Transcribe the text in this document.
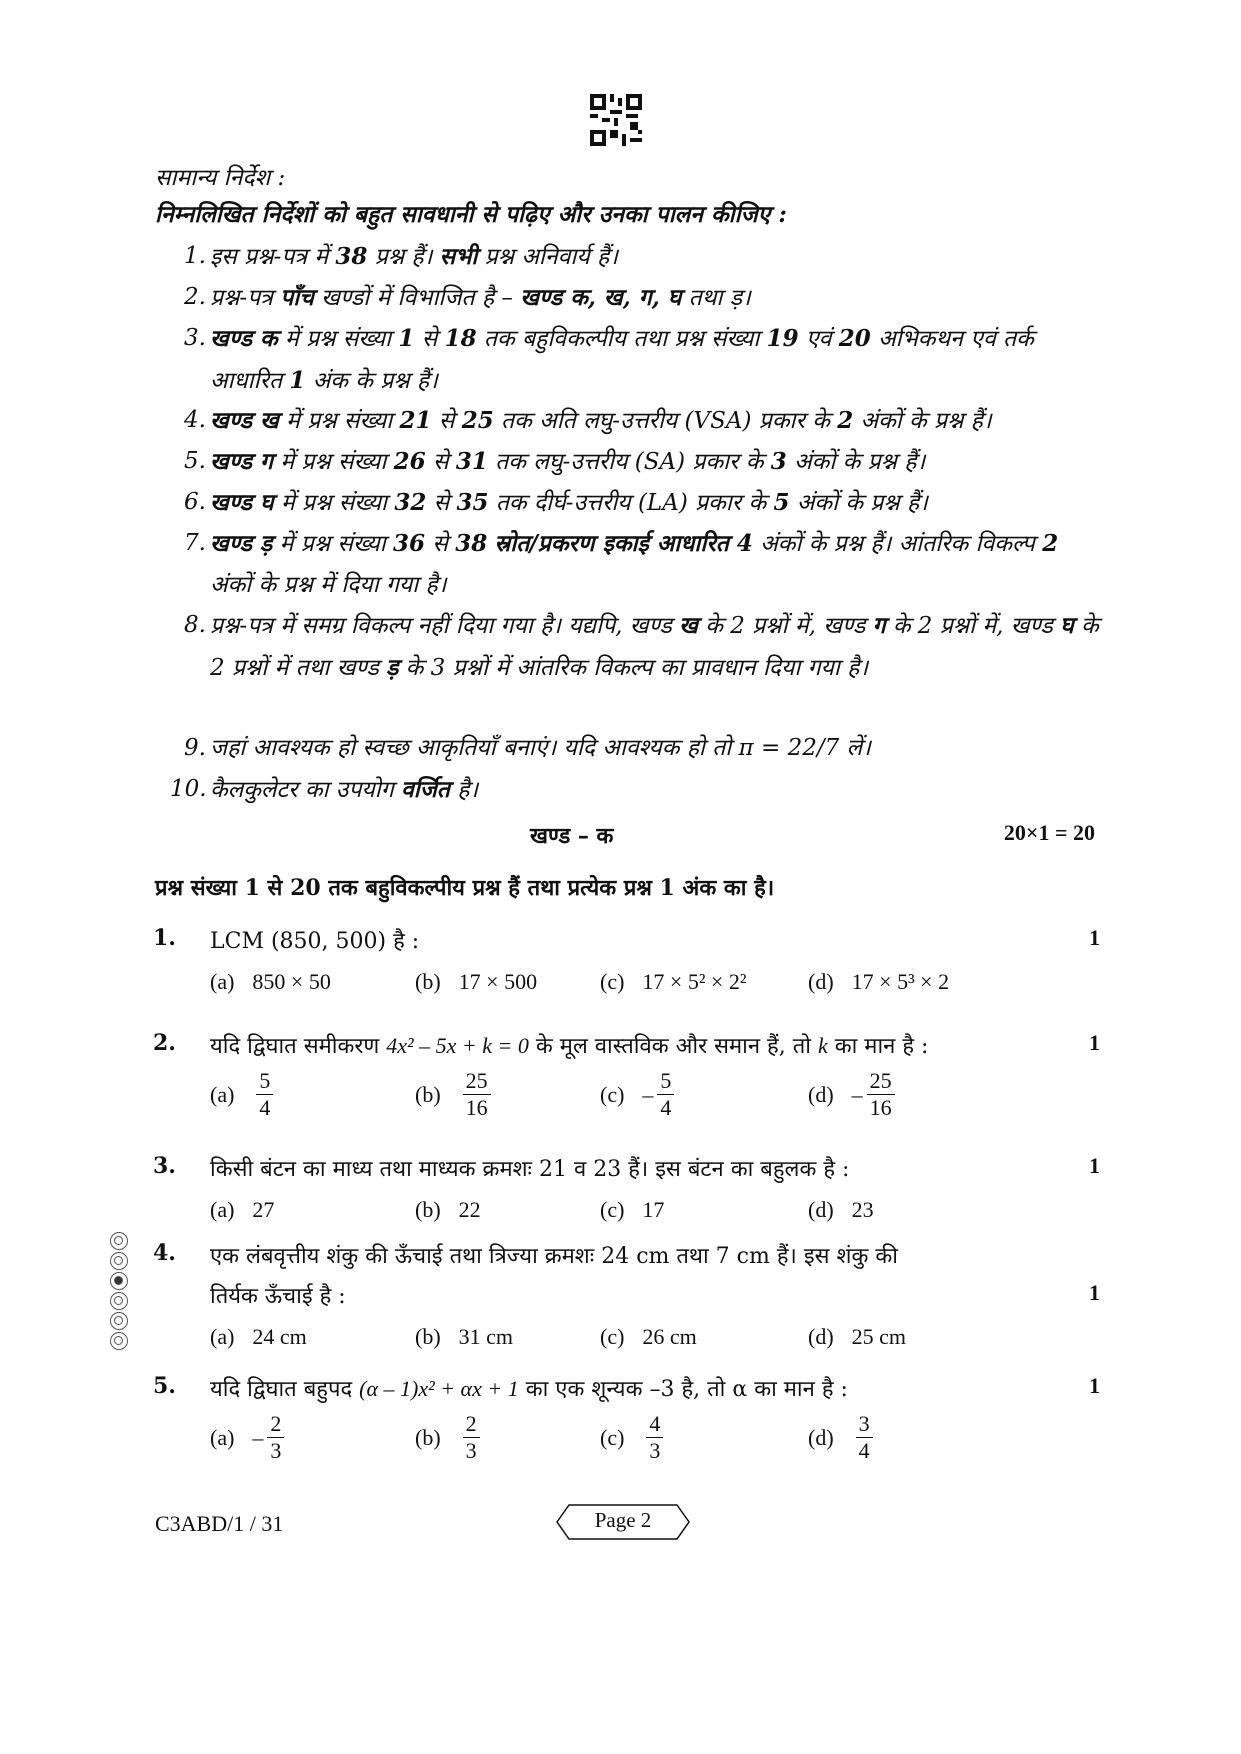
सामान्य निर्देश :
निम्नलिखित निर्देशों को बहुत सावधानी से पढ़िए और उनका पालन कीजिए :
1. इस प्रश्न-पत्र में 38 प्रश्न हैं। सभी प्रश्न अनिवार्य हैं।
2. प्रश्न-पत्र पाँच खण्डों में विभाजित है – खण्ड क, ख, ग, घ तथा ड़।
3. खण्ड क में प्रश्न संख्या 1 से 18 तक बहुविकल्पीय तथा प्रश्न संख्या 19 एवं 20 अभिकथन एवं तर्क आधारित 1 अंक के प्रश्न हैं।
4. खण्ड ख में प्रश्न संख्या 21 से 25 तक अति लघु-उत्तरीय (VSA) प्रकार के 2 अंकों के प्रश्न हैं।
5. खण्ड ग में प्रश्न संख्या 26 से 31 तक लघु-उत्तरीय (SA) प्रकार के 3 अंकों के प्रश्न हैं।
6. खण्ड घ में प्रश्न संख्या 32 से 35 तक दीर्घ-उत्तरीय (LA) प्रकार के 5 अंकों के प्रश्न हैं।
7. खण्ड ड़ में प्रश्न संख्या 36 से 38 स्रोत/प्रकरण इकाई आधारित 4 अंकों के प्रश्न हैं। आंतरिक विकल्प 2 अंकों के प्रश्न में दिया गया है।
8. प्रश्न-पत्र में समग्र विकल्प नहीं दिया गया है। यद्यपि, खण्ड ख के 2 प्रश्नों में, खण्ड ग के 2 प्रश्नों में, खण्ड घ के 2 प्रश्नों में तथा खण्ड ड़ के 3 प्रश्नों में आंतरिक विकल्प का प्रावधान दिया गया है।
9. जहां आवश्यक हो स्वच्छ आकृतियाँ बनाएं। यदि आवश्यक हो तो π = 22/7 लें।
10. कैलकुलेटर का उपयोग वर्जित है।
खण्ड – क	20×1 = 20
प्रश्न संख्या 1 से 20 तक बहुविकल्पीय प्रश्न हैं तथा प्रत्येक प्रश्न 1 अंक का है।
1. LCM (850, 500) है :	1
(a) 850 × 50	(b) 17 × 500	(c) 17 × 5² × 2²	(d) 17 × 5³ × 2
2. यदि द्विघात समीकरण 4x² – 5x + k = 0 के मूल वास्तविक और समान हैं, तो k का मान है :	1
$(a) \frac{5}{4}$	$(b) \frac{25}{16}$	$(c) - \frac{5}{4}$	$(d) - \frac{25}{16}$
3. किसी बंटन का माध्य तथा माध्यक क्रमशः 21 व 23 हैं। इस बंटन का बहुलक है :	1
(a) 27	(b) 22	(c) 17	(d) 23
4. एक लंबवृत्तीय शंकु की ऊँचाई तथा त्रिज्या क्रमशः 24 cm तथा 7 cm हैं। इस शंकु की
तिर्यक ऊँचाई है :	1
(a) 24 cm	(b) 31 cm	(c) 26 cm	(d) 25 cm
5. यदि द्विघात बहुपद (α – 1)x² + αx + 1 का एक शून्यक –3 है, तो α का मान है :	1
$(a) - \frac{2}{3}$	$(b) \frac{2}{3}$	$(c) \frac{4}{3}$	$(d) \frac{3}{4}$
C3ABD/1 / 31	Page 2
